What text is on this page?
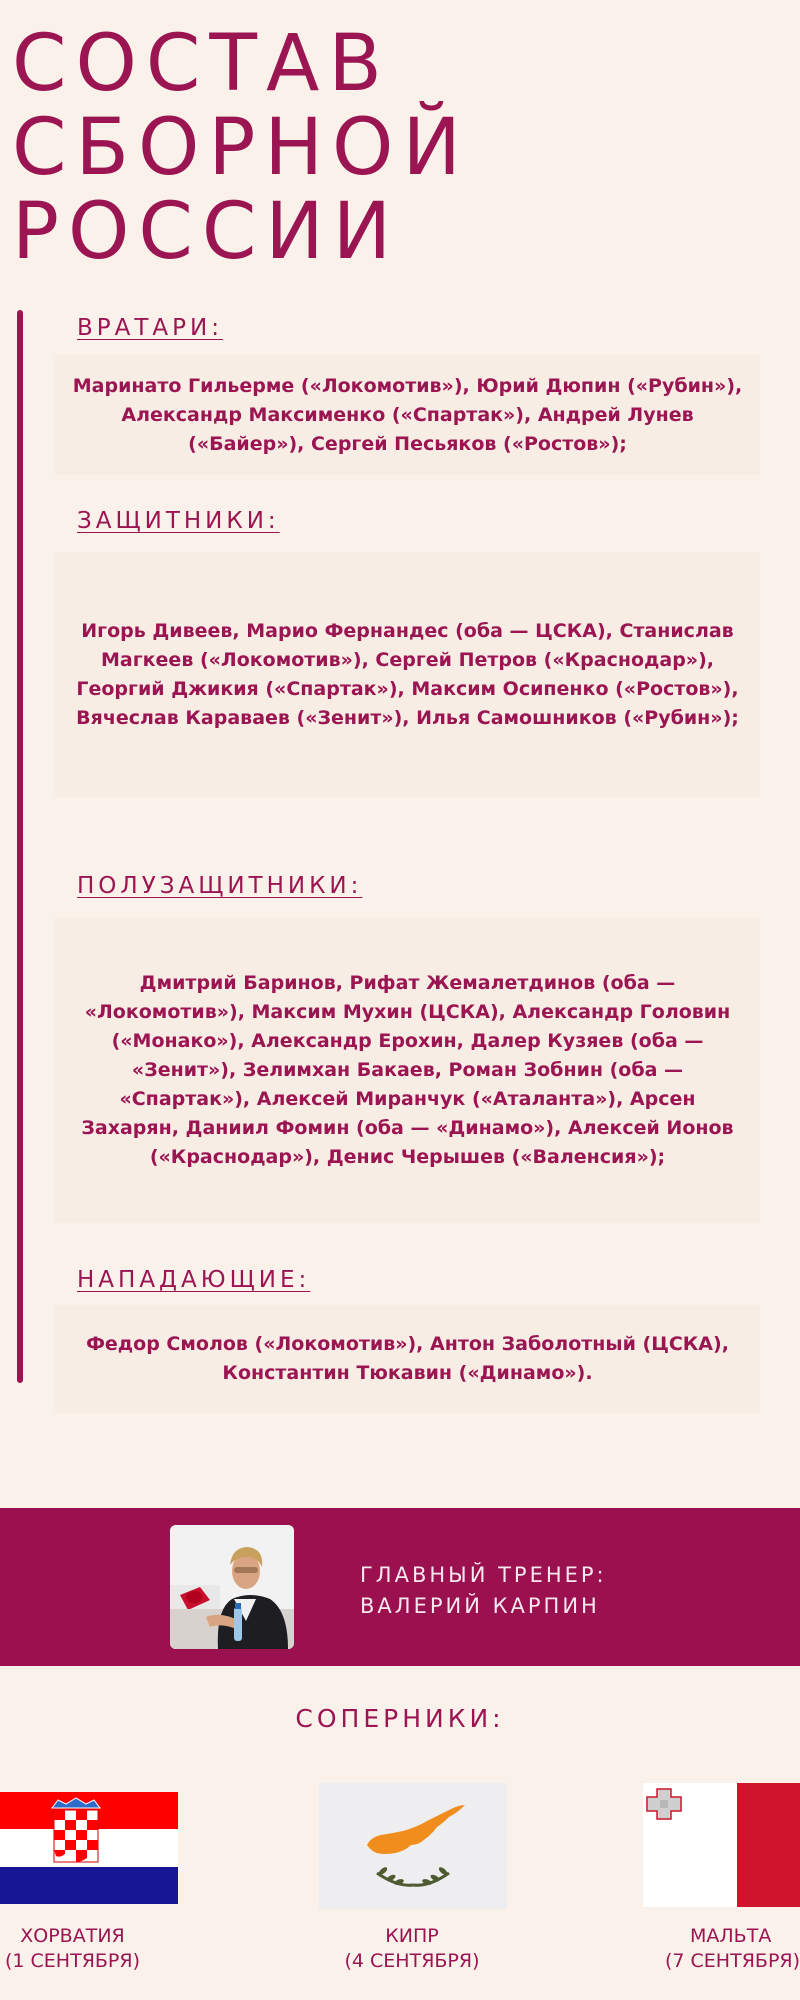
СОСТАВ
СБОРНОЙ
РОССИИ
ВРАТАРИ:
Маринато Гильерме («Локомотив»), Юрий Дюпин («Рубин»), Александр Максименко («Спартак»), Андрей Лунев («Байер»), Сергей Песьяков («Ростов»);
ЗАЩИТНИКИ:
Игорь Дивеев, Марио Фернандес (оба — ЦСКА), Станислав Магкеев («Локомотив»), Сергей Петров («Краснодар»), Георгий Джикия («Спартак»), Максим Осипенко («Ростов»), Вячеслав Караваев («Зенит»), Илья Самошников («Рубин»);
ПОЛУЗАЩИТНИКИ:
Дмитрий Баринов, Рифат Жемалетдинов (оба — «Локомотив»), Максим Мухин (ЦСКА), Александр Головин («Монако»), Александр Ерохин, Далер Кузяев (оба — «Зенит»), Зелимхан Бакаев, Роман Зобнин (оба — «Спартак»), Алексей Миранчук («Аталанта»), Арсен Захарян, Даниил Фомин (оба — «Динамо»), Алексей Ионов («Краснодар»), Денис Черышев («Валенсия»);
НАПАДАЮЩИЕ:
Федор Смолов («Локомотив»), Антон Заболотный (ЦСКА), Константин Тюкавин («Динамо»).
ГЛАВНЫЙ ТРЕНЕР:
ВАЛЕРИЙ КАРПИН
СОПЕРНИКИ:
ХОРВАТИЯ
(1 СЕНТЯБРЯ)
КИПР
(4 СЕНТЯБРЯ)
МАЛЬТА
(7 СЕНТЯБРЯ)
